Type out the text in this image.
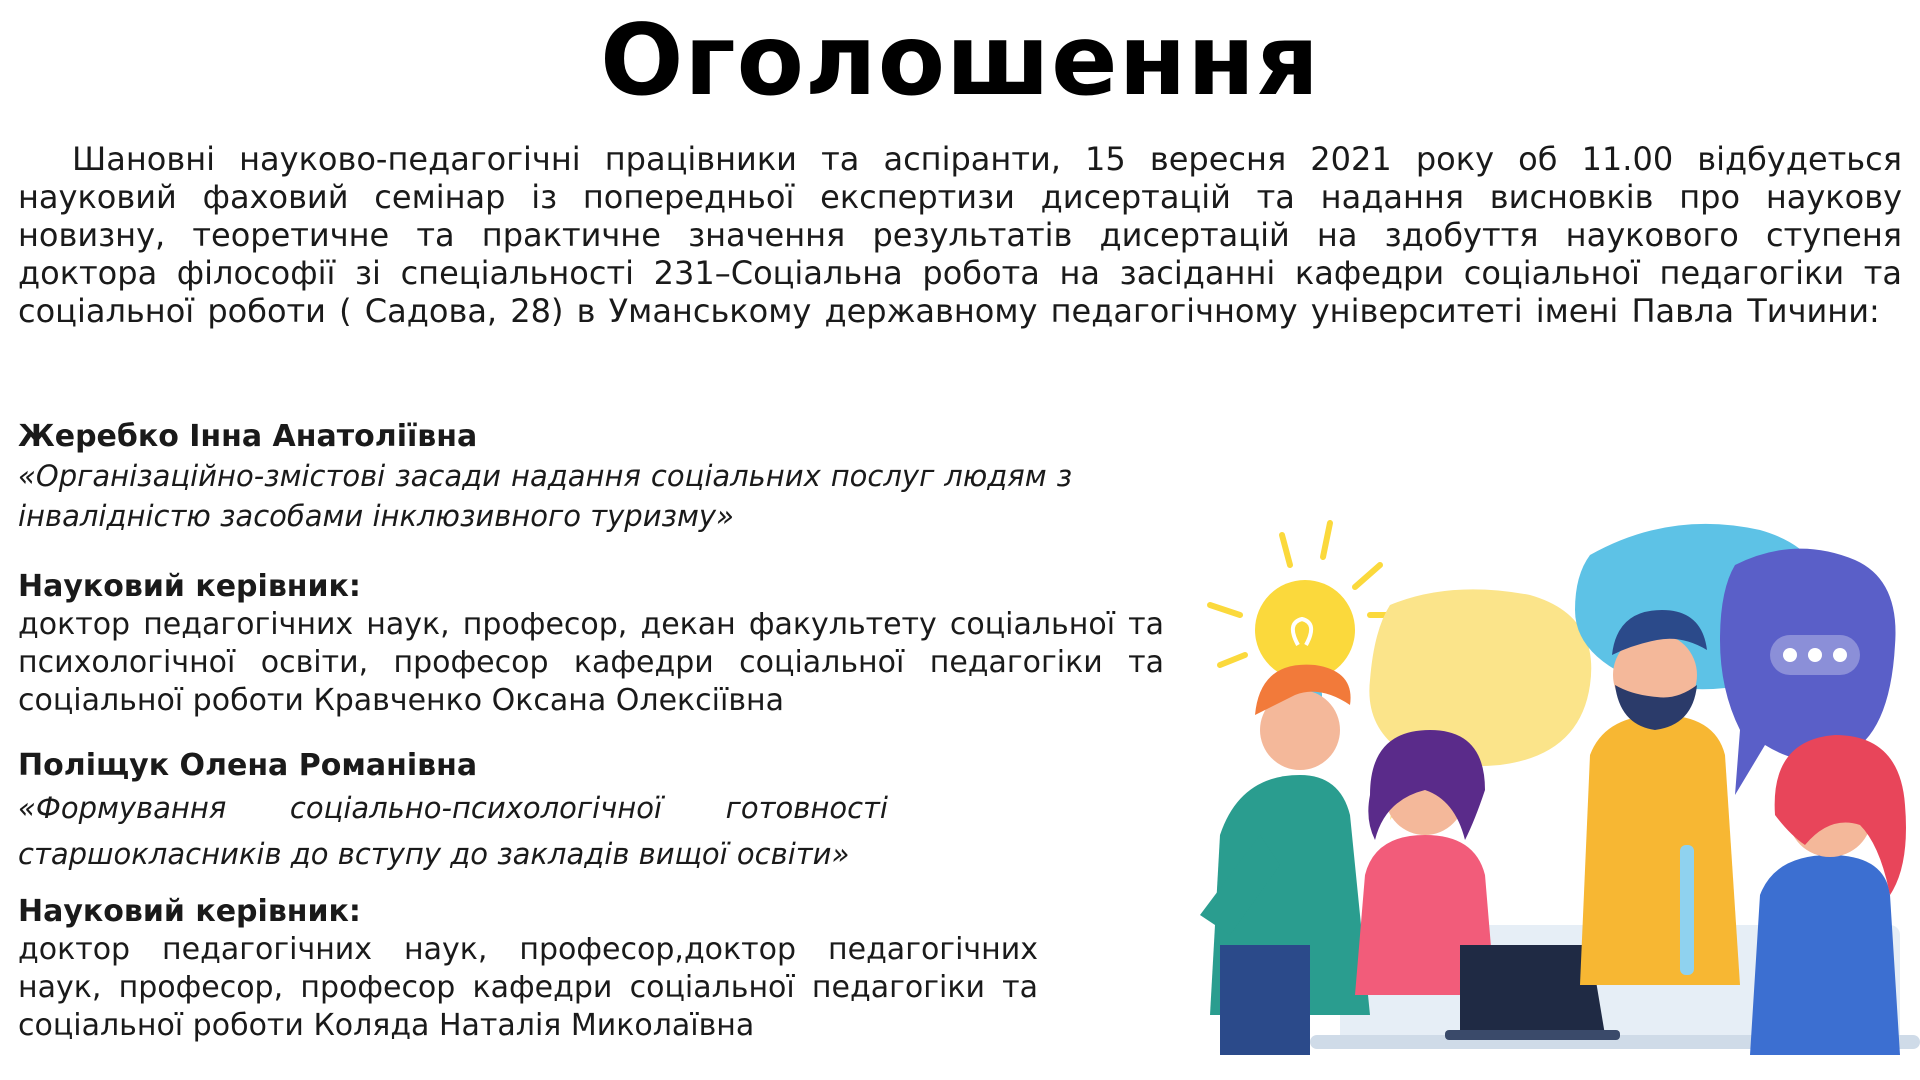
Оголошення
Шановні науково-педагогічні працівники та аспіранти, 15 вересня 2021 року об 11.00 відбудеться науковий фаховий семінар із попередньої експертизи дисертацій та надання висновків про наукову новизну, теоретичне та практичне значення результатів дисертацій на здобуття наукового ступеня доктора філософії зі спеціальності 231–Соціальна робота на засіданні кафедри соціальної педагогіки та соціальної роботи ( Садова, 28) в Уманському державному педагогічному університеті імені Павла Тичини:
Жеребко Інна Анатоліївна
«Організаційно-змістові засади надання соціальних послуг людям з інвалідністю засобами інклюзивного туризму»
Науковий керівник:
доктор педагогічних наук, професор, декан факультету соціальної та психологічної освіти, професор кафедри соціальної педагогіки та соціальної роботи Кравченко Оксана Олексіївна
Поліщук Олена Романівна
«Формування соціально-психологічної готовності старшокласників до вступу до закладів вищої освіти»
Науковий керівник:
доктор педагогічних наук, професор,доктор педагогічних наук, професор, професор кафедри соціальної педагогіки та соціальної роботи Коляда Наталія Миколаївна
